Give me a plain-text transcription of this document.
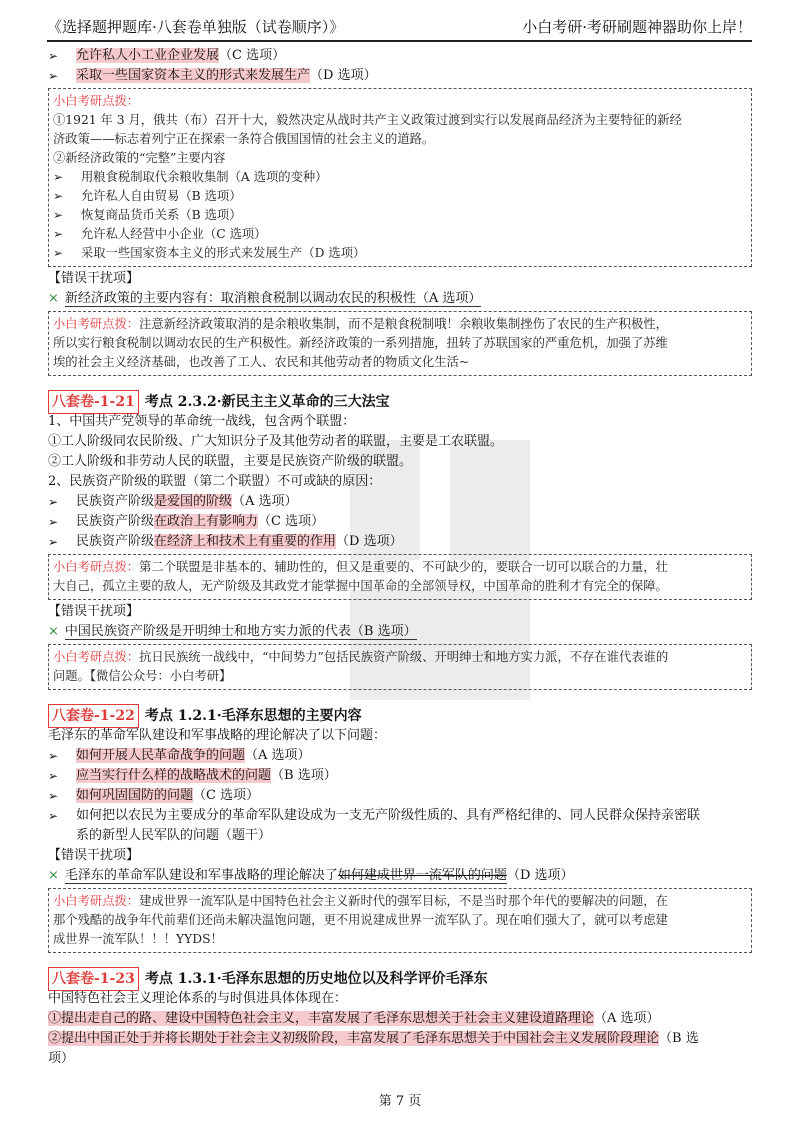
《选择题押题库·八套卷单独版（试卷顺序）》	小白考研·考研刷题神器助你上岸！
➢ 允许私人小工业企业发展（C 选项）
➢ 采取一些国家资本主义的形式来发展生产（D 选项）
小白考研点拨：
①1921 年 3 月，俄共（布）召开十大，毅然决定从战时共产主义政策过渡到实行以发展商品经济为主要特征的新经
济政策——标志着列宁正在探索一条符合俄国国情的社会主义的道路。
②新经济政策的“完整”主要内容
➢ 用粮食税制取代余粮收集制（A 选项的变种）
➢ 允许私人自由贸易（B 选项）
➢ 恢复商品货币关系（B 选项）
➢ 允许私人经营中小企业（C 选项）
➢ 采取一些国家资本主义的形式来发展生产（D 选项）
【错误干扰项】
× 新经济政策的主要内容有：取消粮食税制以调动农民的积极性（A 选项）
小白考研点拨：注意新经济政策取消的是余粮收集制，而不是粮食税制哦！余粮收集制挫伤了农民的生产积极性，
所以实行粮食税制以调动农民的生产积极性。新经济政策的一系列措施，扭转了苏联国家的严重危机，加强了苏维
埃的社会主义经济基础，也改善了工人、农民和其他劳动者的物质文化生活~
八套卷-1-21 考点 2.3.2·新民主主义革命的三大法宝
1、中国共产党领导的革命统一战线，包含两个联盟：
①工人阶级同农民阶级、广大知识分子及其他劳动者的联盟，主要是工农联盟。
②工人阶级和非劳动人民的联盟，主要是民族资产阶级的联盟。
2、民族资产阶级的联盟（第二个联盟）不可或缺的原因：
➢ 民族资产阶级是爱国的阶级（A 选项）
➢ 民族资产阶级在政治上有影响力（C 选项）
➢ 民族资产阶级在经济上和技术上有重要的作用（D 选项）
小白考研点拨：第二个联盟是非基本的、辅助性的，但又是重要的、不可缺少的，要联合一切可以联合的力量，壮
大自己，孤立主要的敌人，无产阶级及其政党才能掌握中国革命的全部领导权，中国革命的胜利才有完全的保障。
【错误干扰项】
× 中国民族资产阶级是开明绅士和地方实力派的代表（B 选项）
小白考研点拨：抗日民族统一战线中，“中间势力”包括民族资产阶级、开明绅士和地方实力派，不存在谁代表谁的
问题。【微信公众号：小白考研】
八套卷-1-22 考点 1.2.1·毛泽东思想的主要内容
毛泽东的革命军队建设和军事战略的理论解决了以下问题：
➢ 如何开展人民革命战争的问题（A 选项）
➢ 应当实行什么样的战略战术的问题（B 选项）
➢ 如何巩固国防的问题（C 选项）
➢ 如何把以农民为主要成分的革命军队建设成为一支无产阶级性质的、具有严格纪律的、同人民群众保持亲密联
系的新型人民军队的问题（题干）
【错误干扰项】
× 毛泽东的革命军队建设和军事战略的理论解决了如何建成世界一流军队的问题（D 选项）
小白考研点拨：建成世界一流军队是中国特色社会主义新时代的强军目标，不是当时那个年代的要解决的问题，在
那个残酷的战争年代前辈们还尚未解决温饱问题，更不用说建成世界一流军队了。现在咱们强大了，就可以考虑建
成世界一流军队！！！YYDS！
八套卷-1-23 考点 1.3.1·毛泽东思想的历史地位以及科学评价毛泽东
中国特色社会主义理论体系的与时俱进具体体现在：
①提出走自己的路、建设中国特色社会主义，丰富发展了毛泽东思想关于社会主义建设道路理论（A 选项）
②提出中国正处于并将长期处于社会主义初级阶段，丰富发展了毛泽东思想关于中国社会主义发展阶段理论（B 选
项）
第 7 页
